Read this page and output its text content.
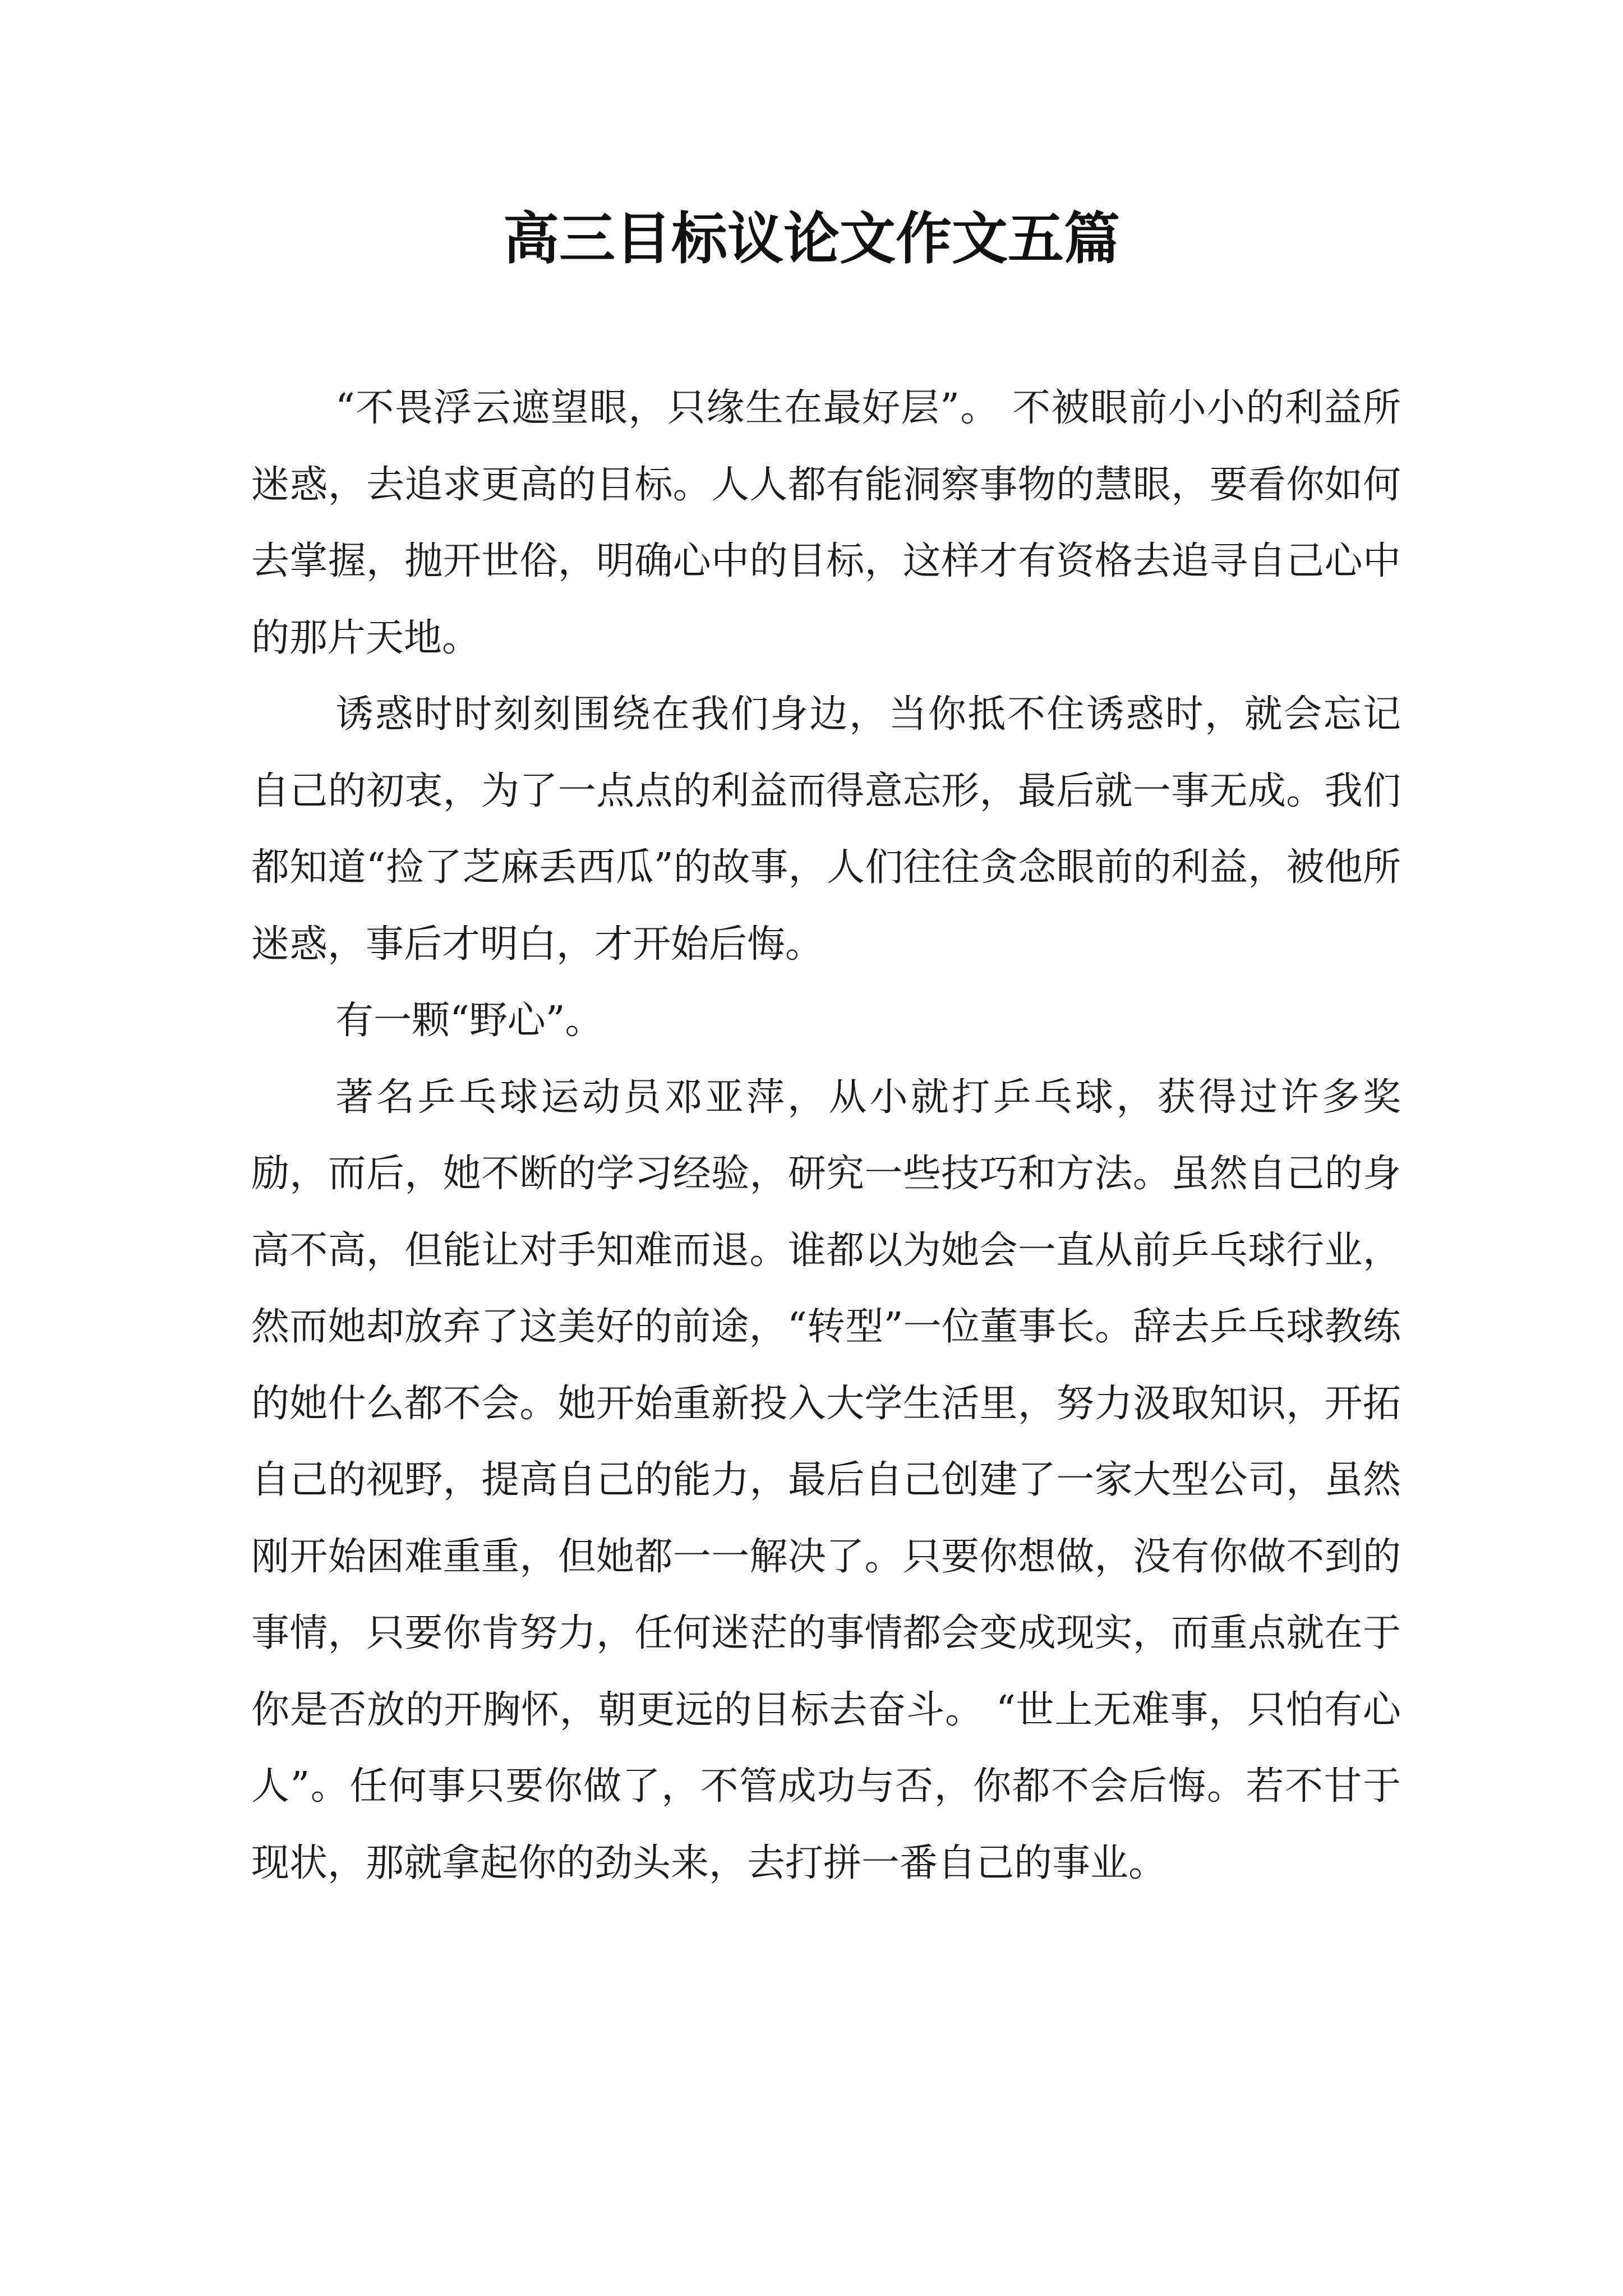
高三目标议论文作文五篇

“不畏浮云遮望眼，只缘生在最好层”。 不被眼前小小的利益所迷惑，去追求更高的目标。人人都有能洞察事物的慧眼，要看你如何去掌握，抛开世俗，明确心中的目标，这样才有资格去追寻自己心中的那片天地。

诱惑时时刻刻围绕在我们身边，当你抵不住诱惑时，就会忘记自己的初衷，为了一点点的利益而得意忘形，最后就一事无成。我们都知道“捡了芝麻丢西瓜”的故事，人们往往贪念眼前的利益，被他所迷惑，事后才明白，才开始后悔。

有一颗“野心”。

著名乒乓球运动员邓亚萍，从小就打乒乓球，获得过许多奖励，而后，她不断的学习经验，研究一些技巧和方法。虽然自己的身高不高，但能让对手知难而退。谁都以为她会一直从前乒乓球行业，然而她却放弃了这美好的前途，“转型”一位董事长。辞去乒乓球教练的她什么都不会。她开始重新投入大学生活里，努力汲取知识，开拓自己的视野，提高自己的能力，最后自己创建了一家大型公司，虽然刚开始困难重重，但她都一一解决了。只要你想做，没有你做不到的事情，只要你肯努力，任何迷茫的事情都会变成现实，而重点就在于你是否放的开胸怀，朝更远的目标去奋斗。 “世上无难事，只怕有心人”。任何事只要你做了，不管成功与否，你都不会后悔。若不甘于现状，那就拿起你的劲头来，去打拼一番自己的事业。
